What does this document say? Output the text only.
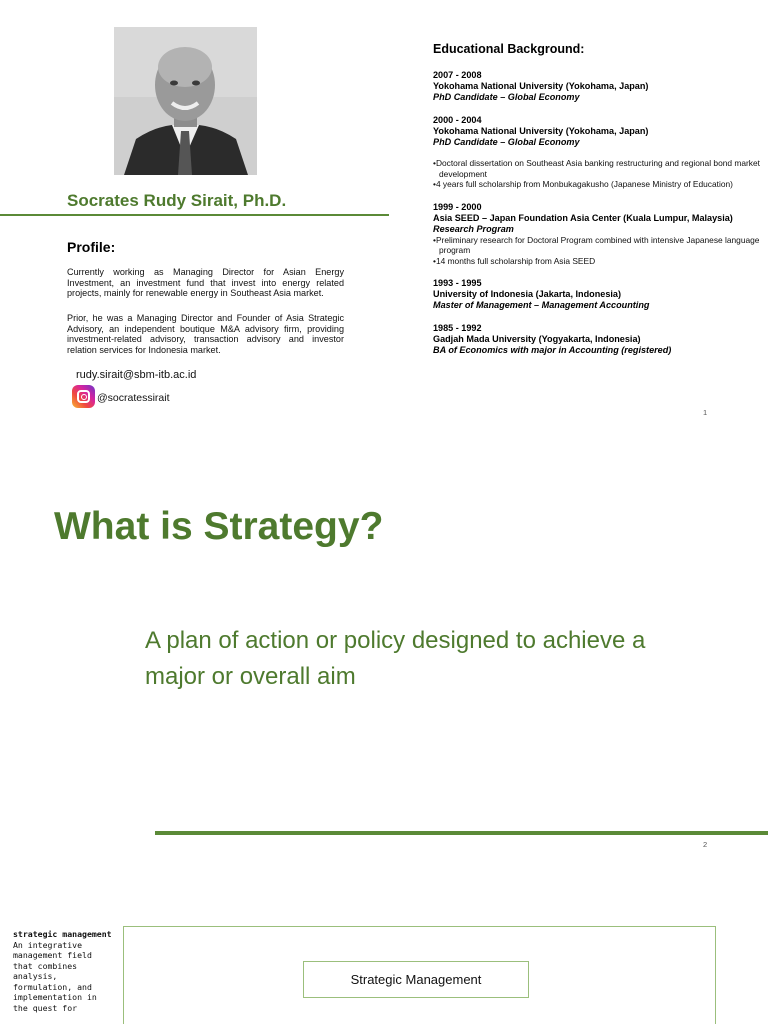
Socrates Rudy Sirait, Ph.D.
Profile:

Currently working as Managing Director for Asian Energy Investment, an investment fund that invest into energy related projects, mainly for renewable energy in Southeast Asia market.

Prior, he was a Managing Director and Founder of Asia Strategic Advisory, an independent boutique M&A advisory firm, providing investment-related advisory, transaction advisory and investor relation services for Indonesia market.

rudy.sirait@sbm-itb.ac.id
@socratessirait
Educational Background:
2007 - 2008
Yokohama National University (Yokohama, Japan)
PhD Candidate – Global Economy
2000 - 2004
Yokohama National University (Yokohama, Japan)
PhD Candidate – Global Economy
• Doctoral dissertation on Southeast Asia banking restructuring and regional bond market development
• 4 years full scholarship from Monbukagakusho (Japanese Ministry of Education)
1999 - 2000
Asia SEED – Japan Foundation Asia Center (Kuala Lumpur, Malaysia)
Research Program
• Preliminary research for Doctoral Program combined with intensive Japanese language program
• 14 months full scholarship from Asia SEED
1993 - 1995
University of Indonesia (Jakarta, Indonesia)
Master of Management – Management Accounting
1985 - 1992
Gadjah Mada University (Yogyakarta, Indonesia)
BA of Economics with major in Accounting (registered)
1
What is Strategy?
A plan of action or policy designed to achieve a major or overall aim
2
strategic management
An integrative management field that combines analysis, formulation, and implementation in the quest for
Strategic Management
